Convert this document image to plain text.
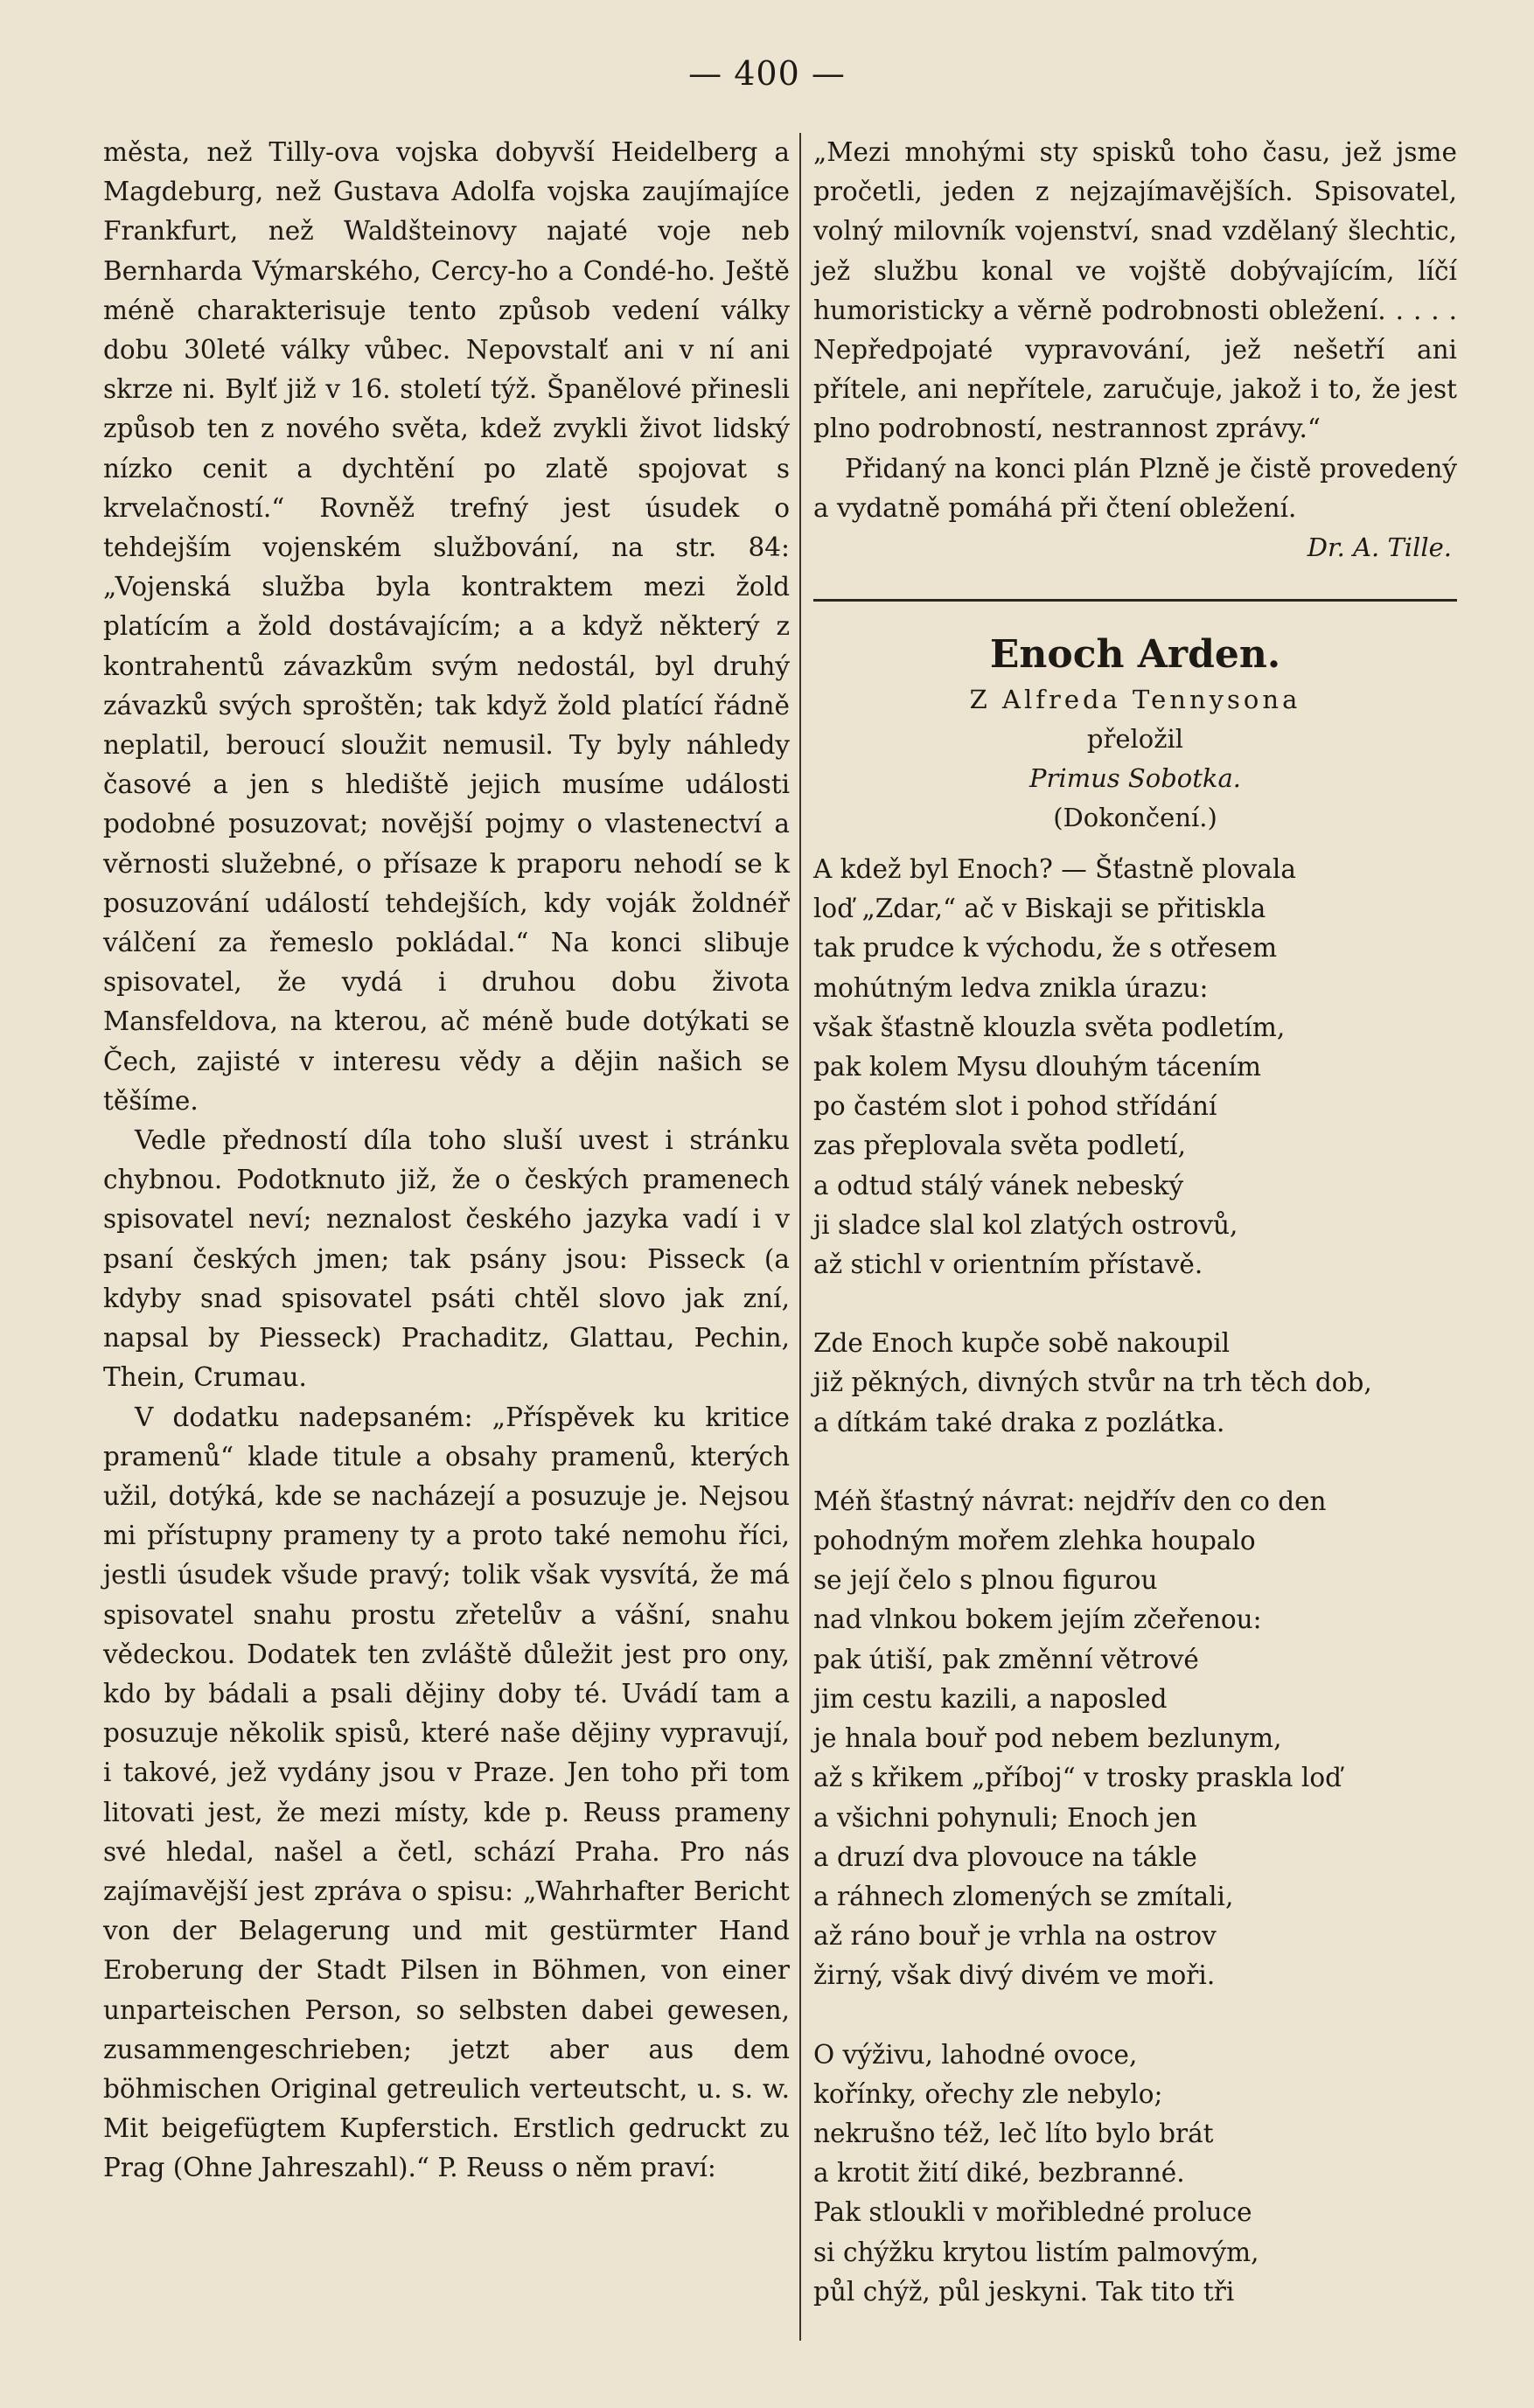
— 400 —

města, než Tilly-ova vojska dobyvší Heidelberg a Magdeburg, než Gustava Adolfa vojska zaujímajíce Frankfurt, než Waldšteinovy najaté voje neb Bernharda Výmarského, Cercy-ho a Condé-ho. Ještě méně charakterisuje tento způsob vedení války dobu 30leté války vůbec. Nepovstalť ani v ní ani skrze ni. Bylť již v 16. století týž. Španělové přinesli způsob ten z nového světa, kdež zvykli život lidský nízko cenit a dychtění po zlatě spojovat s krvelačností.“ Rovněž trefný jest úsudek o tehdejším vojenském službování, na str. 84: „Vojenská služba byla kontraktem mezi žold platícím a žold dostávajícím; a a když některý z kontrahentů závazkům svým nedostál, byl druhý závazků svých sproštěn; tak když žold platící řádně neplatil, beroucí sloužit nemusil. Ty byly náhledy časové a jen s hlediště jejich musíme události podobné posuzovat; novější pojmy o vlastenectví a věrnosti služebné, o přísaze k praporu nehodí se k posuzování událostí tehdejších, kdy voják žoldnéř válčení za řemeslo pokládal.“ Na konci slibuje spisovatel, že vydá i druhou dobu života Mansfeldova, na kterou, ač méně bude dotýkati se Čech, zajisté v interesu vědy a dějin našich se těšíme.

Vedle předností díla toho sluší uvest i stránku chybnou. Podotknuto již, že o českých pramenech spisovatel neví; neznalost českého jazyka vadí i v psaní českých jmen; tak psány jsou: Pisseck (a kdyby snad spisovatel psáti chtěl slovo jak zní, napsal by Piesseck) Prachaditz, Glattau, Pechin, Thein, Crumau.

V dodatku nadepsaném: „Příspěvek ku kritice pramenů“ klade titule a obsahy pramenů, kterých užil, dotýká, kde se nacházejí a posuzuje je. Nejsou mi přístupny prameny ty a proto také nemohu říci, jestli úsudek všude pravý; tolik však vysvítá, že má spisovatel snahu prostu zřetelův a vášní, snahu vědeckou. Dodatek ten zvláště důležit jest pro ony, kdo by bádali a psali dějiny doby té. Uvádí tam a posuzuje několik spisů, které naše dějiny vypravují, i takové, jež vydány jsou v Praze. Jen toho při tom litovati jest, že mezi místy, kde p. Reuss prameny své hledal, našel a četl, schází Praha. Pro nás zajímavější jest zpráva o spisu: „Wahrhafter Bericht von der Belagerung und mit gestürmter Hand Eroberung der Stadt Pilsen in Böhmen, von einer unparteischen Person, so selbsten dabei gewesen, zusammengeschrieben; jetzt aber aus dem böhmischen Original getreulich verteutscht, u. s. w. Mit beigefügtem Kupferstich. Erstlich gedruckt zu Prag (Ohne Jahreszahl).“ P. Reuss o něm praví:

„Mezi mnohými sty spisků toho času, jež jsme pročetli, jeden z nejzajímavějších. Spisovatel, volný milovník vojenství, snad vzdělaný šlechtic, jež službu konal ve vojště dobývajícím, líčí humoristicky a věrně podrobnosti obležení. . . . . Nepředpojaté vypravování, jež nešetří ani přítele, ani nepřítele, zaručuje, jakož i to, že jest plno podrobností, nestrannost zprávy.“

Přidaný na konci plán Plzně je čistě provedený a vydatně pomáhá při čtení obležení.

Dr. A. Tille.
Enoch Arden.
Z Alfreda Tennysona
přeložil
Primus Sobotka.
(Dokončení.)
A kdež byl Enoch? — Šťastně plovala
loď „Zdar,“ ač v Biskaji se přitiskla
tak prudce k východu, že s otřesem
mohútným ledva znikla úrazu:
však šťastně klouzla světa podletím,
pak kolem Mysu dlouhým tácením
po častém slot i pohod střídání
zas přeplovala světa podletí,
a odtud stálý vánek nebeský
ji sladce slal kol zlatých ostrovů,
až stichl v orientním přístavě.
Zde Enoch kupče sobě nakoupil
již pěkných, divných stvůr na trh těch dob,
a dítkám také draka z pozlátka.
Méň šťastný návrat: nejdřív den co den
pohodným mořem zlehka houpalo
se její čelo s plnou figurou
nad vlnkou bokem jejím zčeřenou:
pak útiší, pak změnní větrové
jim cestu kazili, a naposled
je hnala bouř pod nebem bezlunym,
až s křikem „příboj“ v trosky praskla loď
a všichni pohynuli; Enoch jen
a druzí dva plovouce na tákle
a ráhnech zlomených se zmítali,
až ráno bouř je vrhla na ostrov
žirný, však divý divém ve moři.
O výživu, lahodné ovoce,
kořínky, ořechy zle nebylo;
nekrušno též, leč líto bylo brát
a krotit žití diké, bezbranné.
Pak stloukli v mořibledné proluce
si chýžku krytou listím palmovým,
půl chýž, půl jeskyni. Tak tito tři
